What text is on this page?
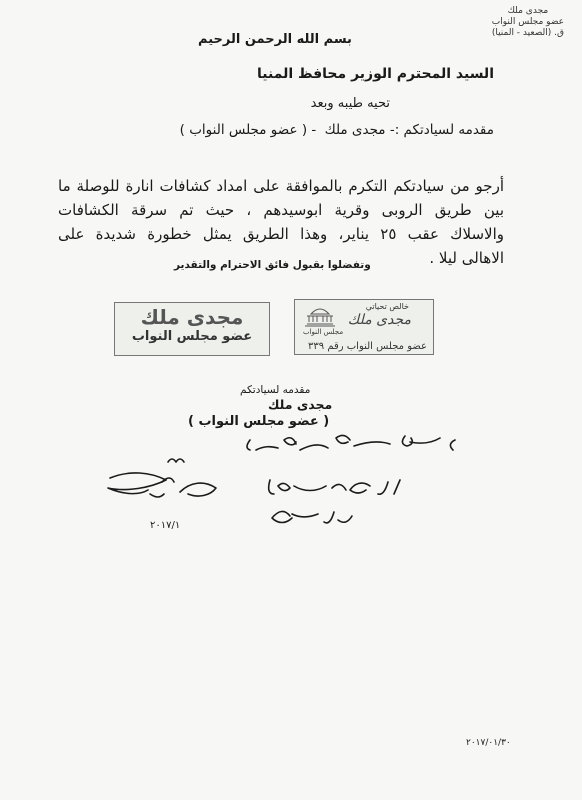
مجدى ملك
عضو مجلس النواب
ق. (الصعيد - المنيا)
بسم الله الرحمن الرحيم
السيد المحترم الوزير محافظ المنيا
تحيه طيبه وبعد
مقدمه لسيادتكم :- مجدى ملك - ( عضو مجلس النواب )
أرجو من سيادتكم التكرم بالموافقة على امداد كشافات انارة للوصلة ما
بين طريق الروبى وقرية ابوسيدهم ، حيث تم سرقة الكشافات
والاسلاك عقب ٢٥ يناير، وهذا الطريق يمثل خطورة شديدة على
الاهالى ليلا .
وتفضلوا بقبول فائق الاحترام والتقدير
مجدى ملك
عضو مجلس النواب
خالص تحياتي
مجدى ملك
مجلس النواب
عضو مجلس النواب رقم ٣٣٩
مقدمه لسيادتكم
مجدى ملك
( عضو مجلس النواب )
٢٠١٧/١
٢٠١٧/٠١/٣٠
